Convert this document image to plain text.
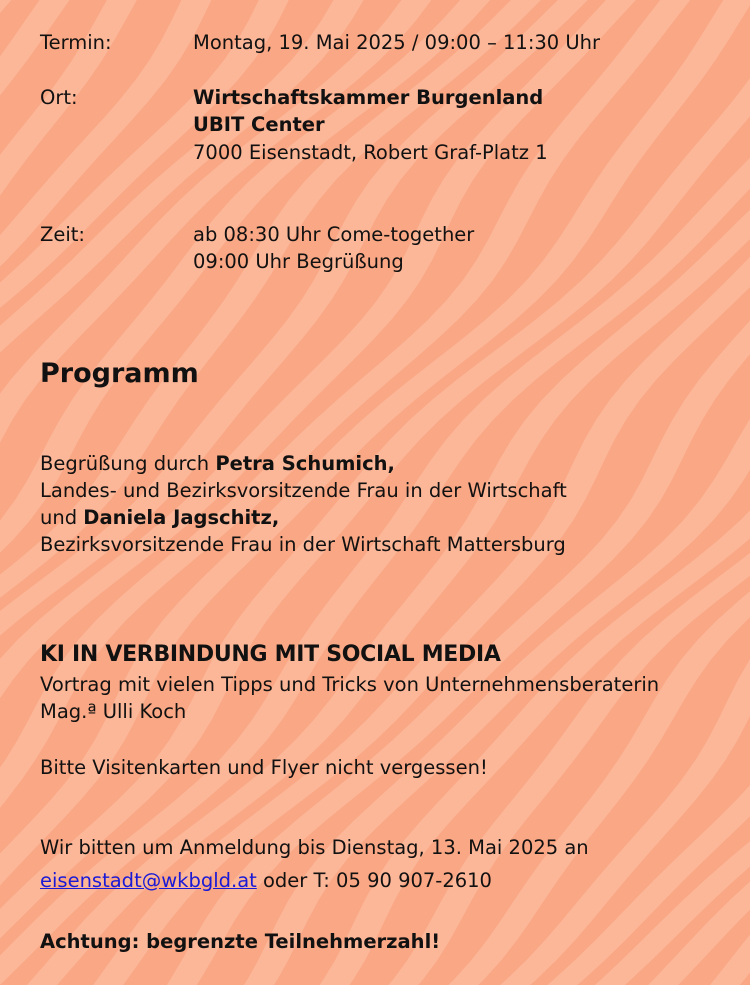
Termin:	Montag, 19. Mai 2025 / 09:00 – 11:30 Uhr
Ort:	Wirtschaftskammer Burgenland
UBIT Center
7000 Eisenstadt, Robert Graf-Platz 1
Zeit:	ab 08:30 Uhr Come-together
09:00 Uhr Begrüßung
Programm
Begrüßung durch Petra Schumich,
Landes- und Bezirksvorsitzende Frau in der Wirtschaft
und Daniela Jagschitz,
Bezirksvorsitzende Frau in der Wirtschaft Mattersburg
KI IN VERBINDUNG MIT SOCIAL MEDIA
Vortrag mit vielen Tipps und Tricks von Unternehmensberaterin
Mag.ª Ulli Koch
Bitte Visitenkarten und Flyer nicht vergessen!
Wir bitten um Anmeldung bis Dienstag, 13. Mai 2025 an
eisenstadt@wkbgld.at oder T: 05 90 907-2610
Achtung: begrenzte Teilnehmerzahl!
